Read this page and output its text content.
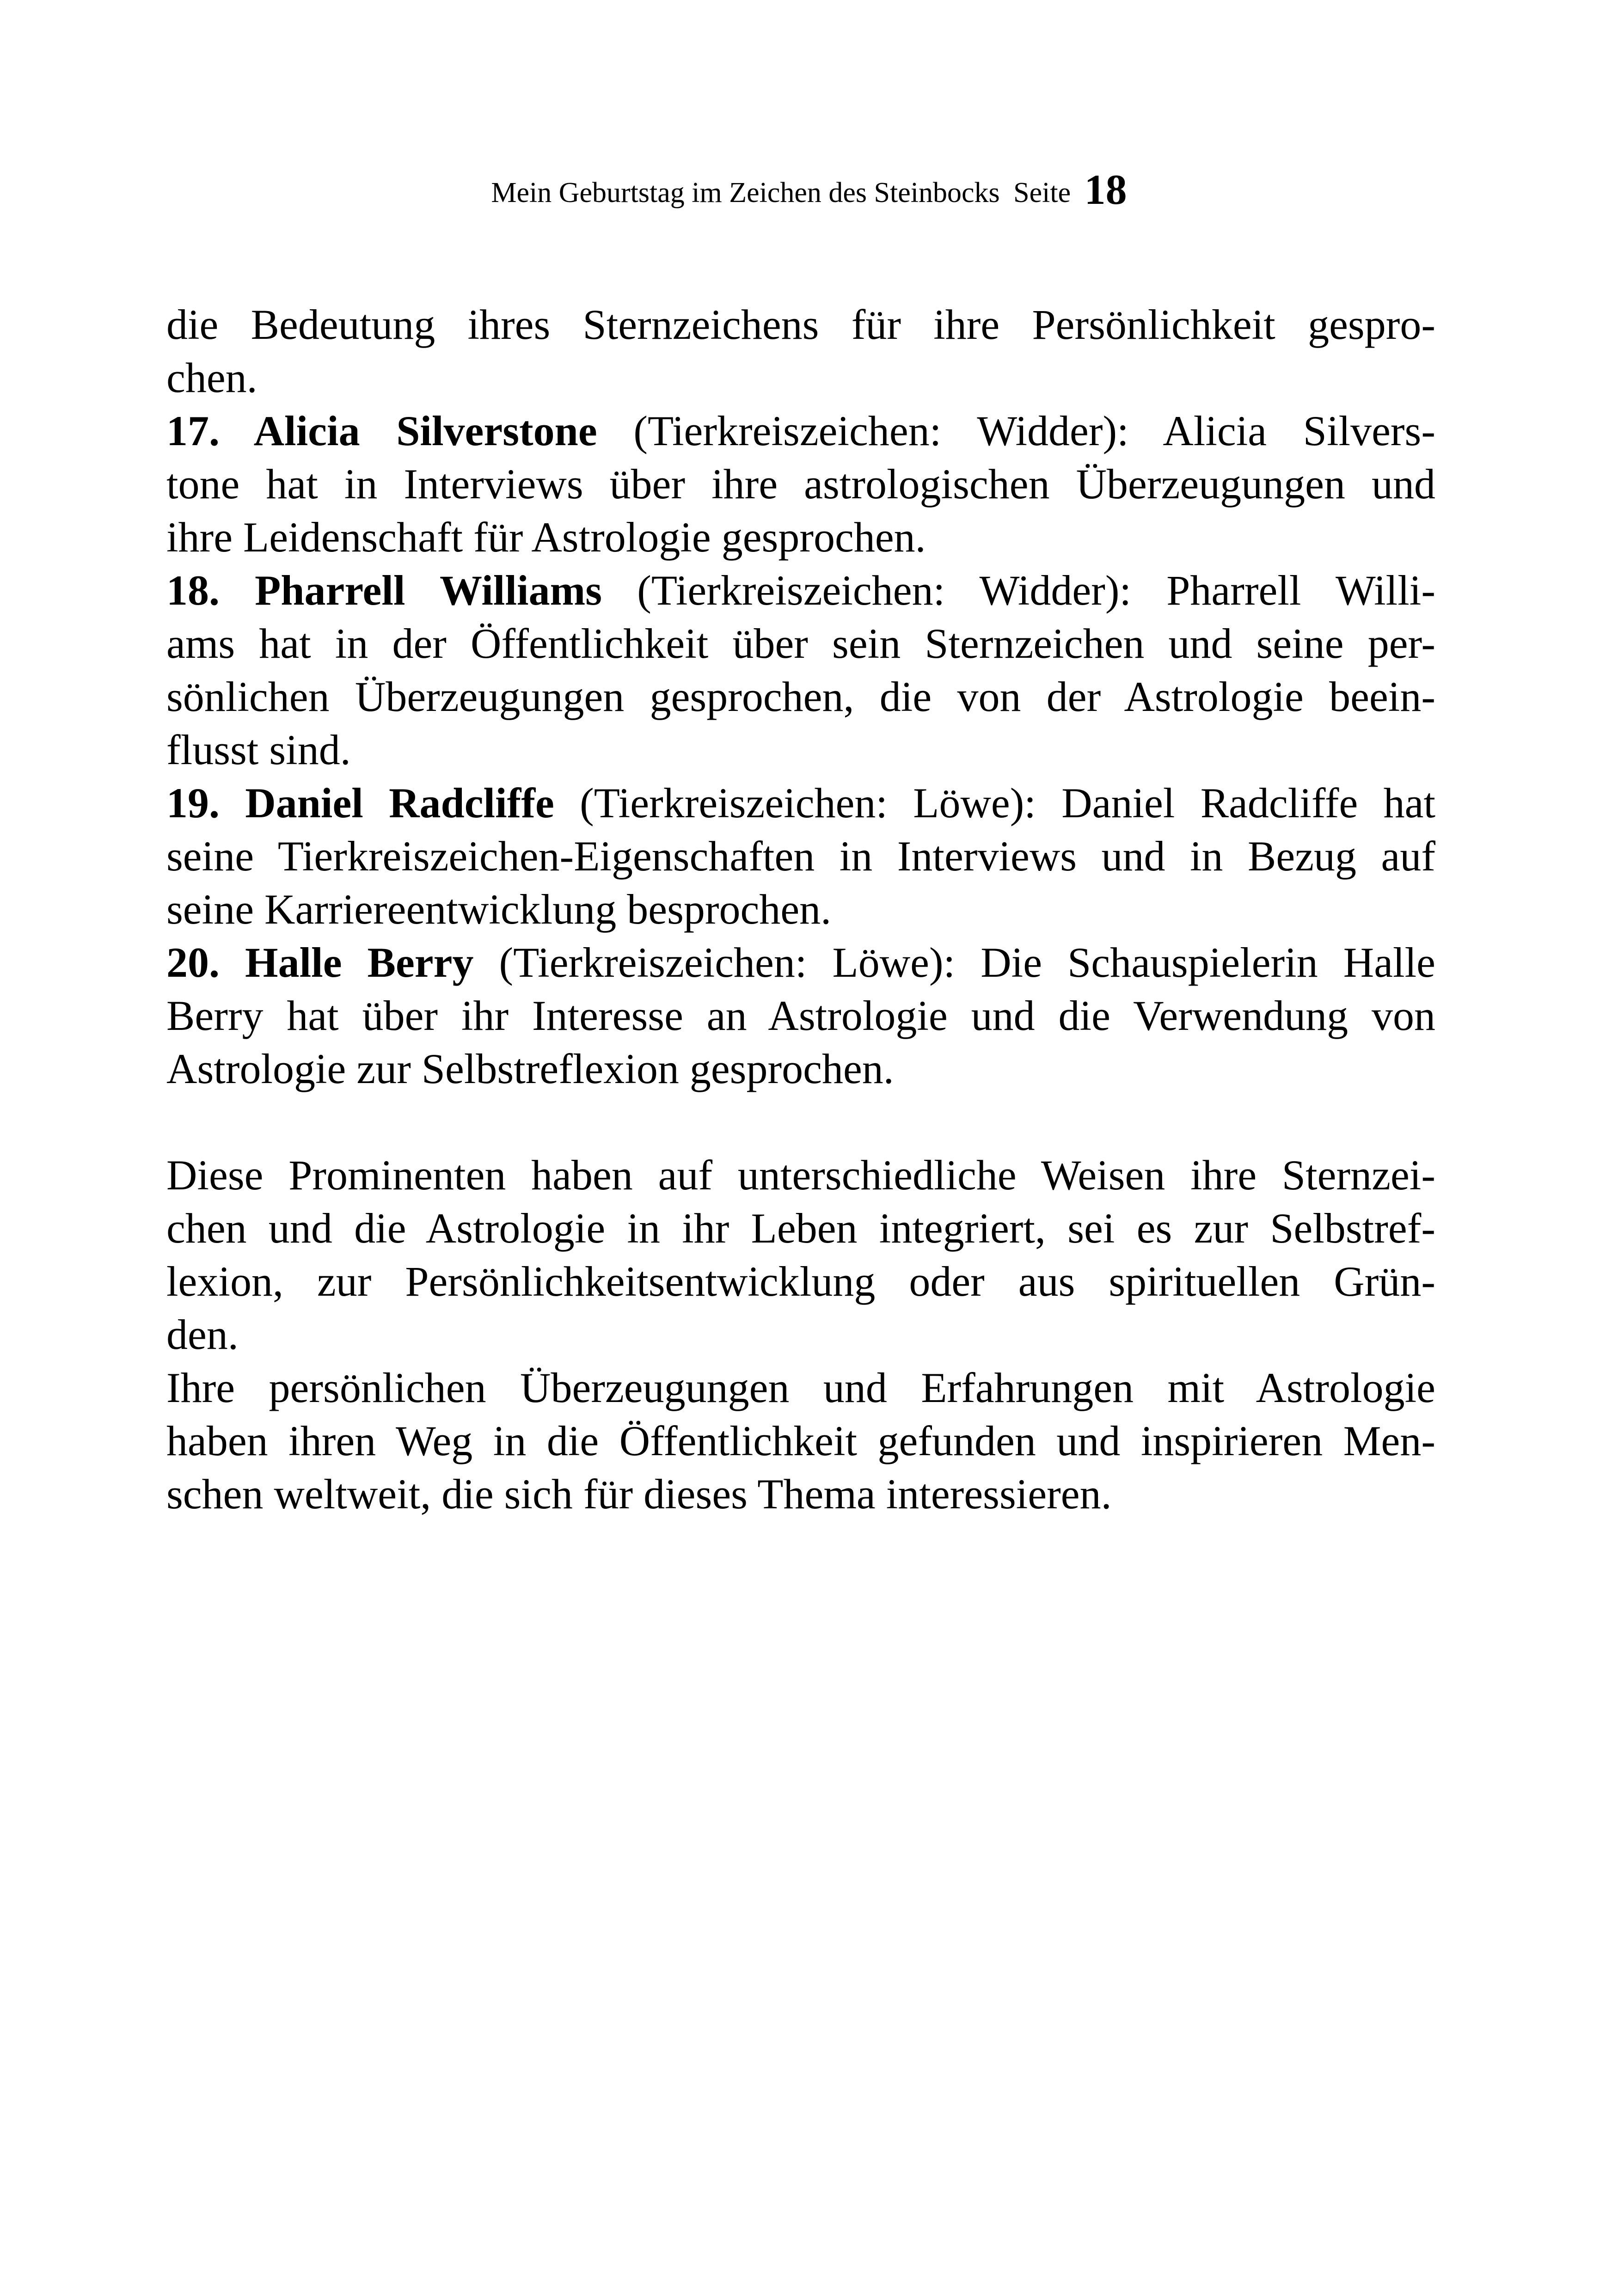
Mein Geburtstag im Zeichen des Steinbocks Seite 18
die Bedeutung ihres Sternzeichens für ihre Persönlichkeit gespro-
chen.
17. Alicia Silverstone (Tierkreiszeichen: Widder): Alicia Silvers-
tone hat in Interviews über ihre astrologischen Überzeugungen und
ihre Leidenschaft für Astrologie gesprochen.
18. Pharrell Williams (Tierkreiszeichen: Widder): Pharrell Willi-
ams hat in der Öffentlichkeit über sein Sternzeichen und seine per-
sönlichen Überzeugungen gesprochen, die von der Astrologie beein-
flusst sind.
19. Daniel Radcliffe (Tierkreiszeichen: Löwe): Daniel Radcliffe hat
seine Tierkreiszeichen-Eigenschaften in Interviews und in Bezug auf
seine Karriereentwicklung besprochen.
20. Halle Berry (Tierkreiszeichen: Löwe): Die Schauspielerin Halle
Berry hat über ihr Interesse an Astrologie und die Verwendung von
Astrologie zur Selbstreflexion gesprochen.
Diese Prominenten haben auf unterschiedliche Weisen ihre Sternzei-
chen und die Astrologie in ihr Leben integriert, sei es zur Selbstref-
lexion, zur Persönlichkeitsentwicklung oder aus spirituellen Grün-
den.
Ihre persönlichen Überzeugungen und Erfahrungen mit Astrologie
haben ihren Weg in die Öffentlichkeit gefunden und inspirieren Men-
schen weltweit, die sich für dieses Thema interessieren.
